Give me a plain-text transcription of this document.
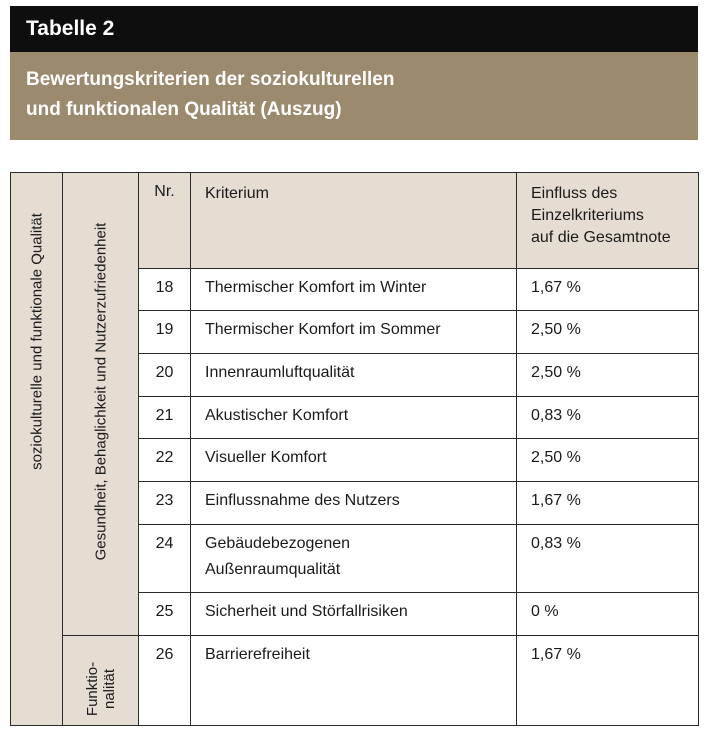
Tabelle 2
Bewertungskriterien der soziokulturellen
und funktionalen Qualität (Auszug)
soziokulturelle und funktionale Qualität	Gesundheit, Behaglichkeit und Nutzerzufriedenheit	Nr.	Kriterium	Einfluss des
Einzelkriteriums
auf die Gesamtnote

		18	Thermischer Komfort im Winter	1,67 %
		19	Thermischer Komfort im Sommer	2,50 %
		20	Innenraumluftqualität	2,50 %
		21	Akustischer Komfort	0,83 %
		22	Visueller Komfort	2,50 %
		23	Einflussnahme des Nutzers	1,67 %
		24	Gebäudebezogenen
Außenraumqualität	0,83 %
		25	Sicherheit und Störfallrisiken	0 %

	Funktio- nalität	26	Barrierefreiheit	1,67 %
